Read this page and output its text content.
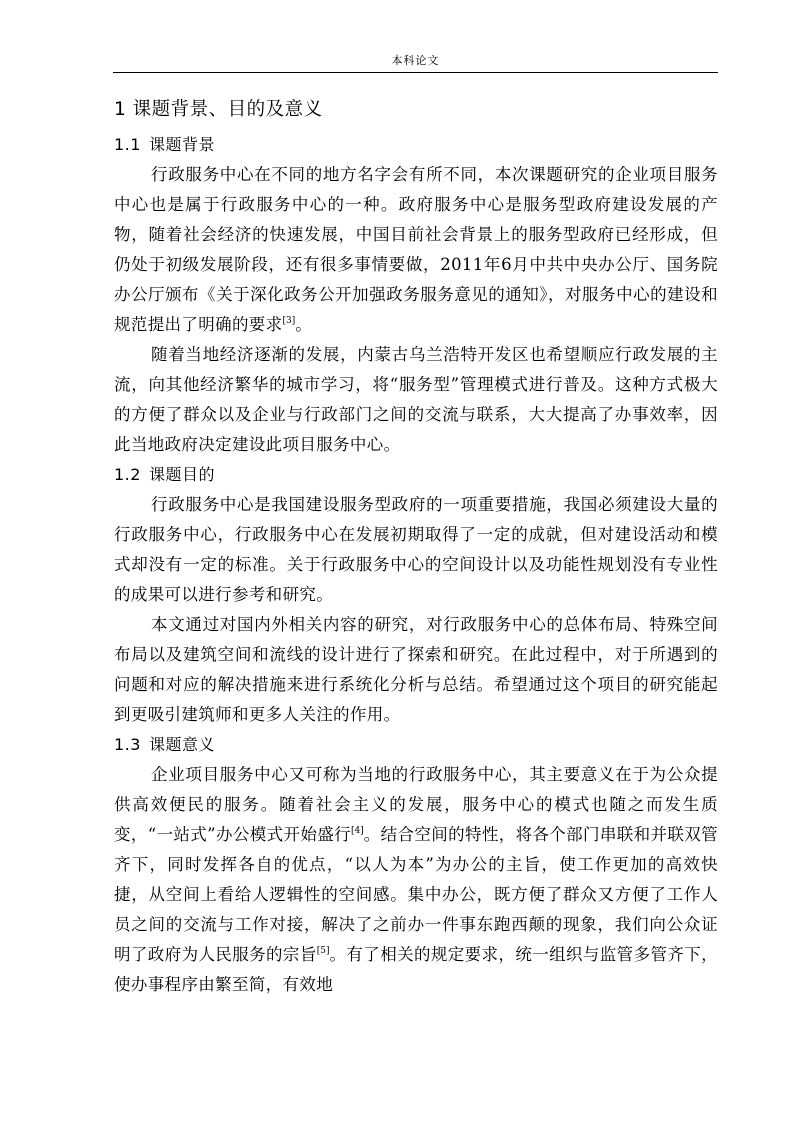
本科论文
1 课题背景、目的及意义
1.1 课题背景

行政服务中心在不同的地方名字会有所不同，本次课题研究的企业项目服务中心也是属于行政服务中心的一种。政府服务中心是服务型政府建设发展的产物，随着社会经济的快速发展，中国目前社会背景上的服务型政府已经形成，但仍处于初级发展阶段，还有很多事情要做，2011年6月中共中央办公厅、国务院办公厅颁布《关于深化政务公开加强政务服务意见的通知》，对服务中心的建设和规范提出了明确的要求[3]。

随着当地经济逐渐的发展，内蒙古乌兰浩特开发区也希望顺应行政发展的主流，向其他经济繁华的城市学习，将“服务型”管理模式进行普及。这种方式极大的方便了群众以及企业与行政部门之间的交流与联系，大大提高了办事效率，因此当地政府决定建设此项目服务中心。

1.2 课题目的

行政服务中心是我国建设服务型政府的一项重要措施，我国必须建设大量的行政服务中心，行政服务中心在发展初期取得了一定的成就，但对建设活动和模式却没有一定的标准。关于行政服务中心的空间设计以及功能性规划没有专业性的成果可以进行参考和研究。

本文通过对国内外相关内容的研究，对行政服务中心的总体布局、特殊空间布局以及建筑空间和流线的设计进行了探索和研究。在此过程中，对于所遇到的问题和对应的解决措施来进行系统化分析与总结。希望通过这个项目的研究能起到更吸引建筑师和更多人关注的作用。

1.3 课题意义

企业项目服务中心又可称为当地的行政服务中心，其主要意义在于为公众提供高效便民的服务。随着社会主义的发展，服务中心的模式也随之而发生质变，“一站式”办公模式开始盛行[4]。结合空间的特性，将各个部门串联和并联双管齐下，同时发挥各自的优点，“以人为本”为办公的主旨，使工作更加的高效快捷，从空间上看给人逻辑性的空间感。集中办公，既方便了群众又方便了工作人员之间的交流与工作对接，解决了之前办一件事东跑西颠的现象，我们向公众证明了政府为人民服务的宗旨[5]。有了相关的规定要求，统一组织与监管多管齐下，使办事程序由繁至简，有效地
